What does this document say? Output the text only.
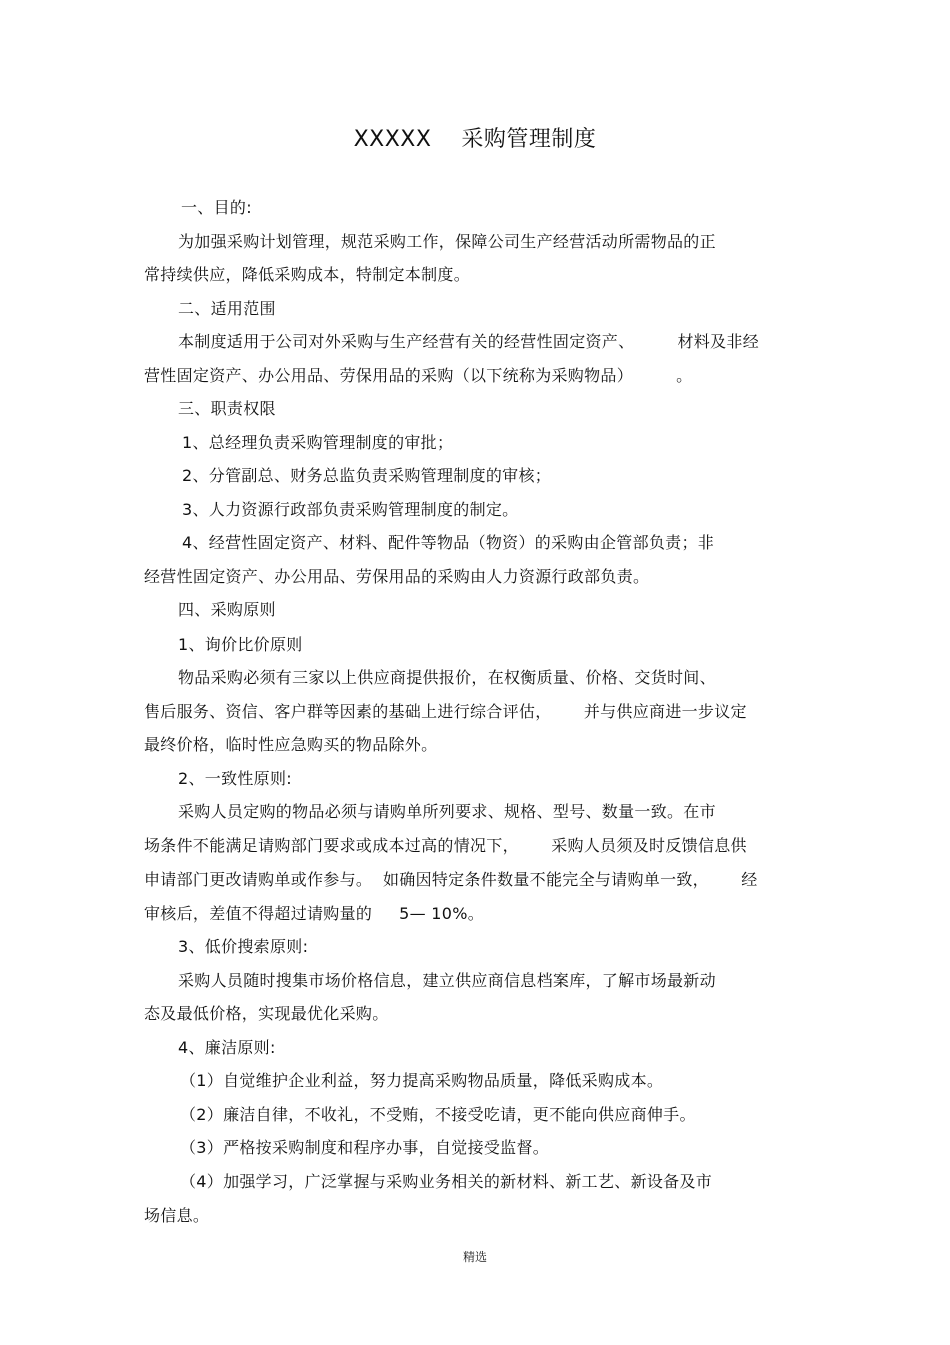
XXXXX    采购管理制度
一、目的:
为加强采购计划管理，规范采购工作，保障公司生产经营活动所需物品的正
常持续供应，降低采购成本，特制定本制度。
二、适用范围
本制度适用于公司对外采购与生产经营有关的经营性固定资产、        材料及非经
营性固定资产、办公用品、劳保用品的采购（以下统称为采购物品）        。
三、职责权限
1、总经理负责采购管理制度的审批；
2、分管副总、财务总监负责采购管理制度的审核；
3、人力资源行政部负责采购管理制度的制定。
4、经营性固定资产、材料、配件等物品（物资）的采购由企管部负责；非
经营性固定资产、办公用品、劳保用品的采购由人力资源行政部负责。
四、采购原则
1、询价比价原则
物品采购必须有三家以上供应商提供报价，在权衡质量、价格、交货时间、
售后服务、资信、客户群等因素的基础上进行综合评估，      并与供应商进一步议定
最终价格，临时性应急购买的物品除外。
2、一致性原则:
采购人员定购的物品必须与请购单所列要求、规格、型号、数量一致。在市
场条件不能满足请购部门要求或成本过高的情况下，      采购人员须及时反馈信息供
申请部门更改请购单或作参与。  如确因特定条件数量不能完全与请购单一致，      经
审核后，差值不得超过请购量的     5— 10%。
3、低价搜索原则:
采购人员随时搜集市场价格信息，建立供应商信息档案库，了解市场最新动
态及最低价格，实现最优化采购。
4、廉洁原则:
（1）自觉维护企业利益，努力提高采购物品质量，降低采购成本。
（2）廉洁自律，不收礼，不受贿，不接受吃请，更不能向供应商伸手。
（3）严格按采购制度和程序办事，自觉接受监督。
（4）加强学习，广泛掌握与采购业务相关的新材料、新工艺、新设备及市
场信息。
精选
